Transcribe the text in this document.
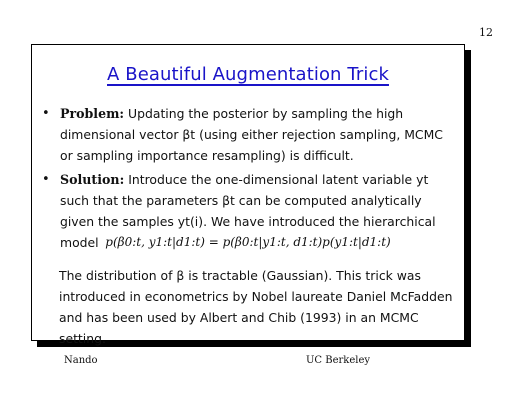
12
A Beautiful Augmentation Trick
• Problem: Updating the posterior by sampling the high dimensional vector βt (using either rejection sampling, MCMC or sampling importance resampling) is difficult.
• Solution: Introduce the one-dimensional latent variable yt such that the parameters βt can be computed analytically given the samples yt(i). We have introduced the hierarchical model p(β0:t, y1:t|d1:t) = p(β0:t|y1:t, d1:t)p(y1:t|d1:t)
The distribution of β is tractable (Gaussian). This trick was introduced in econometrics by Nobel laureate Daniel McFadden and has been used by Albert and Chib (1993) in an MCMC setting.
Nando	UC Berkeley
